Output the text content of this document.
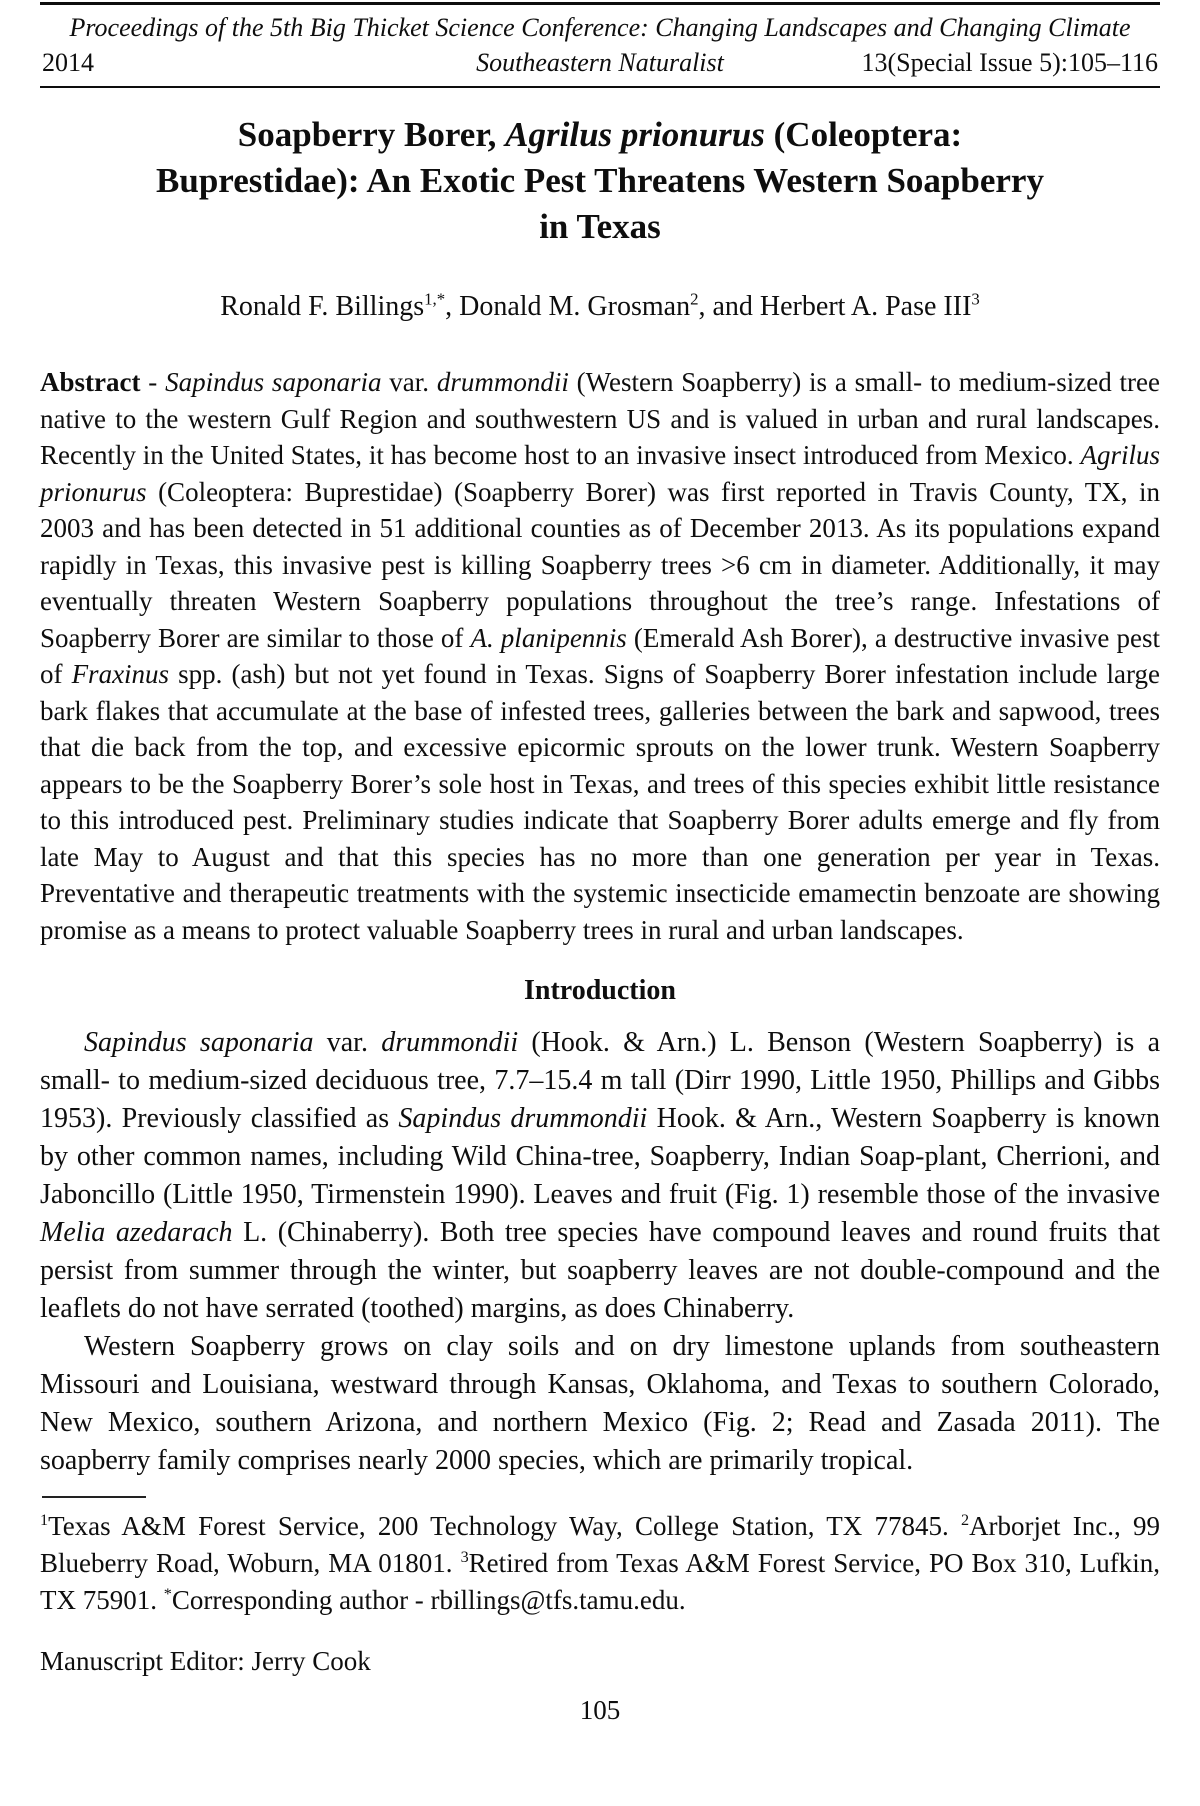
Proceedings of the 5th Big Thicket Science Conference: Changing Landscapes and Changing Climate
2014	Southeastern Naturalist	13(Special Issue 5):105–116
Soapberry Borer, Agrilus prionurus (Coleoptera:
Buprestidae): An Exotic Pest Threatens Western Soapberry
in Texas
Ronald F. Billings$^{1,*}$, Donald M. Grosman$^2$, and Herbert A. Pase III$^3$

Abstract - Sapindus saponaria var. drummondii (Western Soapberry) is a small- to medium-sized tree native to the western Gulf Region and southwestern US and is valued in urban and rural landscapes. Recently in the United States, it has become host to an invasive insect introduced from Mexico. Agrilus prionurus (Coleoptera: Buprestidae) (Soapberry Borer) was first reported in Travis County, TX, in 2003 and has been detected in 51 additional counties as of December 2013. As its populations expand rapidly in Texas, this invasive pest is killing Soapberry trees >6 cm in diameter. Additionally, it may eventually threaten Western Soapberry populations throughout the tree’s range. Infestations of Soapberry Borer are similar to those of A. planipennis (Emerald Ash Borer), a destructive invasive pest of Fraxinus spp. (ash) but not yet found in Texas. Signs of Soapberry Borer infestation include large bark flakes that accumulate at the base of infested trees, galleries between the bark and sapwood, trees that die back from the top, and excessive epicormic sprouts on the lower trunk. Western Soapberry appears to be the Soapberry Borer’s sole host in Texas, and trees of this species exhibit little resistance to this introduced pest. Preliminary studies indicate that Soapberry Borer adults emerge and fly from late May to August and that this species has no more than one generation per year in Texas. Preventative and therapeutic treatments with the systemic insecticide emamectin benzoate are showing promise as a means to protect valuable Soapberry trees in rural and urban landscapes.

Introduction

Sapindus saponaria var. drummondii (Hook. & Arn.) L. Benson (Western Soapberry) is a small- to medium-sized deciduous tree, 7.7–15.4 m tall (Dirr 1990, Little 1950, Phillips and Gibbs 1953). Previously classified as Sapindus drummondii Hook. & Arn., Western Soapberry is known by other common names, including Wild China-tree, Soapberry, Indian Soap-plant, Cherrioni, and Jaboncillo (Little 1950, Tirmenstein 1990). Leaves and fruit (Fig. 1) resemble those of the invasive Melia azedarach L. (Chinaberry). Both tree species have compound leaves and round fruits that persist from summer through the winter, but soapberry leaves are not double-compound and the leaflets do not have serrated (toothed) margins, as does Chinaberry.

Western Soapberry grows on clay soils and on dry limestone uplands from southeastern Missouri and Louisiana, westward through Kansas, Oklahoma, and Texas to southern Colorado, New Mexico, southern Arizona, and northern Mexico (Fig. 2; Read and Zasada 2011). The soapberry family comprises nearly 2000 species, which are primarily tropical.

$^1$Texas A&M Forest Service, 200 Technology Way, College Station, TX 77845. $^2$Arborjet Inc., 99 Blueberry Road, Woburn, MA 01801. $^3$Retired from Texas A&M Forest Service, PO Box 310, Lufkin, TX 75901. *Corresponding author - rbillings@tfs.tamu.edu.

Manuscript Editor: Jerry Cook

105
